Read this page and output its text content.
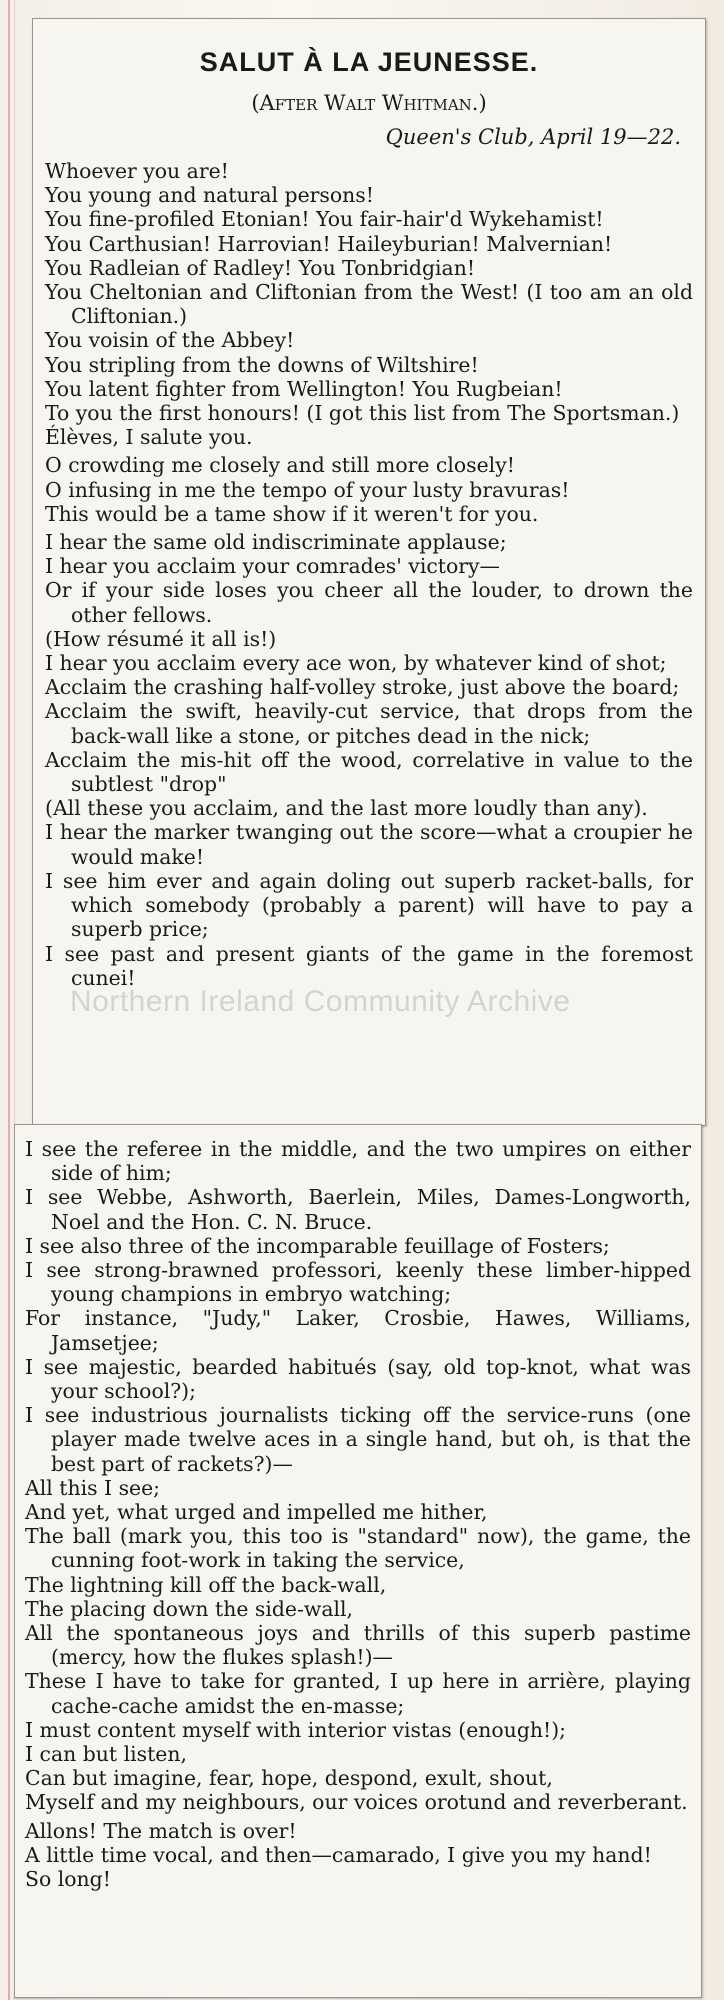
SALUT À LA JEUNESSE.
(After Walt Whitman.)
Queen's Club, April 19—22.
Whoever you are!
You young and natural persons!
You fine-profiled Etonian! You fair-hair'd Wykehamist!
You Carthusian! Harrovian! Haileyburian! Malvernian!
You Radleian of Radley! You Tonbridgian!
You Cheltonian and Cliftonian from the West! (I too am an old Cliftonian.)
You voisin of the Abbey!
You stripling from the downs of Wiltshire!
You latent fighter from Wellington! You Rugbeian!
To you the first honours! (I got this list from The Sportsman.)
Élèves, I salute you.
O crowding me closely and still more closely!
O infusing in me the tempo of your lusty bravuras!
This would be a tame show if it weren't for you.
I hear the same old indiscriminate applause;
I hear you acclaim your comrades' victory—
Or if your side loses you cheer all the louder, to drown the other fellows.
(How résumé it all is!)
I hear you acclaim every ace won, by whatever kind of shot;
Acclaim the crashing half-volley stroke, just above the board;
Acclaim the swift, heavily-cut service, that drops from the back-wall like a stone, or pitches dead in the nick;
Acclaim the mis-hit off the wood, correlative in value to the subtlest "drop"
(All these you acclaim, and the last more loudly than any).
I hear the marker twanging out the score—what a croupier he would make!
I see him ever and again doling out superb racket-balls, for which somebody (probably a parent) will have to pay a superb price;
I see past and present giants of the game in the foremost cunei!
I see the referee in the middle, and the two umpires on either side of him;
I see Webbe, Ashworth, Baerlein, Miles, Dames-Longworth, Noel and the Hon. C. N. Bruce.
I see also three of the incomparable feuillage of Fosters;
I see strong-brawned professori, keenly these limber-hipped young champions in embryo watching;
For instance, "Judy," Laker, Crosbie, Hawes, Williams, Jamsetjee;
I see majestic, bearded habitués (say, old top-knot, what was your school?);
I see industrious journalists ticking off the service-runs (one player made twelve aces in a single hand, but oh, is that the best part of rackets?)—
All this I see;
And yet, what urged and impelled me hither,
The ball (mark you, this too is "standard" now), the game, the cunning foot-work in taking the service,
The lightning kill off the back-wall,
The placing down the side-wall,
All the spontaneous joys and thrills of this superb pastime (mercy, how the flukes splash!)—
These I have to take for granted, I up here in arrière, playing cache-cache amidst the en-masse;
I must content myself with interior vistas (enough!);
I can but listen,
Can but imagine, fear, hope, despond, exult, shout,
Myself and my neighbours, our voices orotund and reverberant.
Allons! The match is over!
A little time vocal, and then—camarado, I give you my hand!
So long!
Northern Ireland Community Archive
